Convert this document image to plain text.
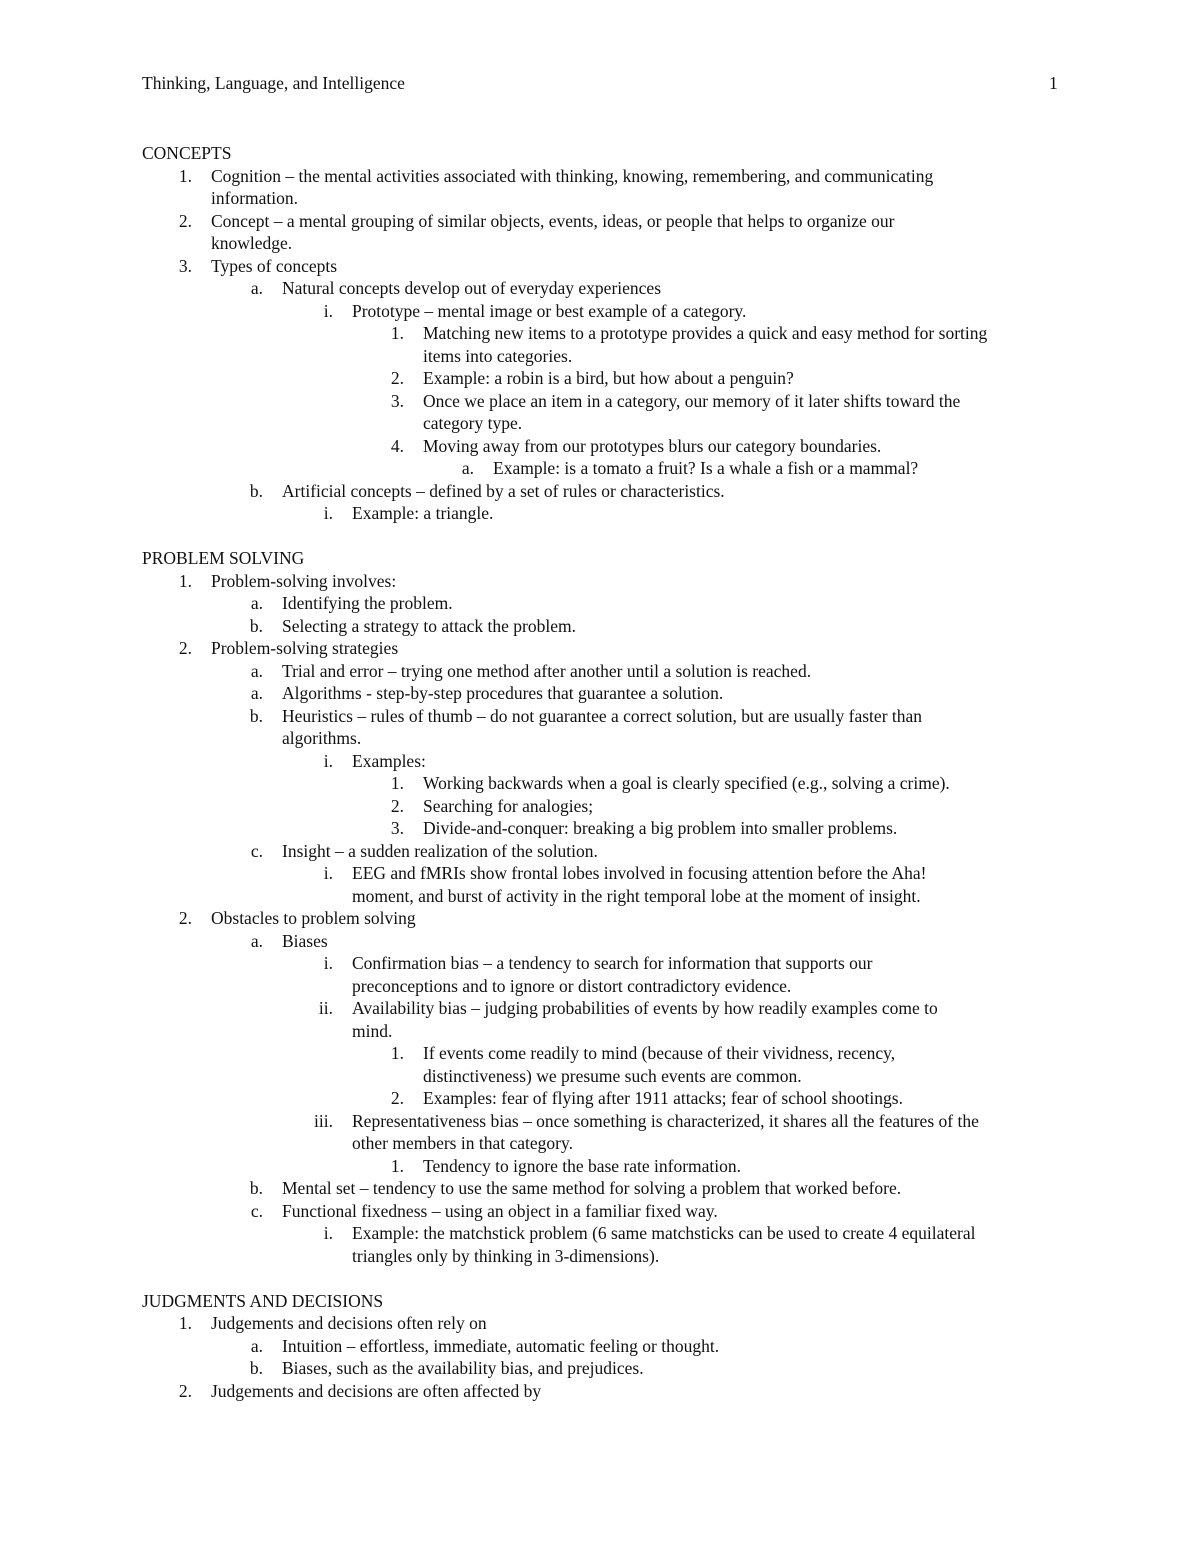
Thinking, Language, and Intelligence	1
CONCEPTS
1. Cognition – the mental activities associated with thinking, knowing, remembering, and communicating
information.
2. Concept – a mental grouping of similar objects, events, ideas, or people that helps to organize our
knowledge.
3. Types of concepts
a. Natural concepts develop out of everyday experiences
i. Prototype – mental image or best example of a category.
1. Matching new items to a prototype provides a quick and easy method for sorting
items into categories.
2. Example: a robin is a bird, but how about a penguin?
3. Once we place an item in a category, our memory of it later shifts toward the
category type.
4. Moving away from our prototypes blurs our category boundaries.
a. Example: is a tomato a fruit? Is a whale a fish or a mammal?
b. Artificial concepts – defined by a set of rules or characteristics.
i. Example: a triangle.
PROBLEM SOLVING
1. Problem-solving involves:
a. Identifying the problem.
b. Selecting a strategy to attack the problem.
2. Problem-solving strategies
a. Trial and error – trying one method after another until a solution is reached.
a. Algorithms - step-by-step procedures that guarantee a solution.
b. Heuristics – rules of thumb – do not guarantee a correct solution, but are usually faster than
algorithms.
i. Examples:
1. Working backwards when a goal is clearly specified (e.g., solving a crime).
2. Searching for analogies;
3. Divide-and-conquer: breaking a big problem into smaller problems.
c. Insight – a sudden realization of the solution.
i. EEG and fMRIs show frontal lobes involved in focusing attention before the Aha!
moment, and burst of activity in the right temporal lobe at the moment of insight.
2. Obstacles to problem solving
a. Biases
i. Confirmation bias – a tendency to search for information that supports our
preconceptions and to ignore or distort contradictory evidence.
ii. Availability bias – judging probabilities of events by how readily examples come to
mind.
1. If events come readily to mind (because of their vividness, recency,
distinctiveness) we presume such events are common.
2. Examples: fear of flying after 1911 attacks; fear of school shootings.
iii. Representativeness bias – once something is characterized, it shares all the features of the
other members in that category.
1. Tendency to ignore the base rate information.
b. Mental set – tendency to use the same method for solving a problem that worked before.
c. Functional fixedness – using an object in a familiar fixed way.
i. Example: the matchstick problem (6 same matchsticks can be used to create 4 equilateral
triangles only by thinking in 3-dimensions).
JUDGMENTS AND DECISIONS
1. Judgements and decisions often rely on
a. Intuition – effortless, immediate, automatic feeling or thought.
b. Biases, such as the availability bias, and prejudices.
2. Judgements and decisions are often affected by
